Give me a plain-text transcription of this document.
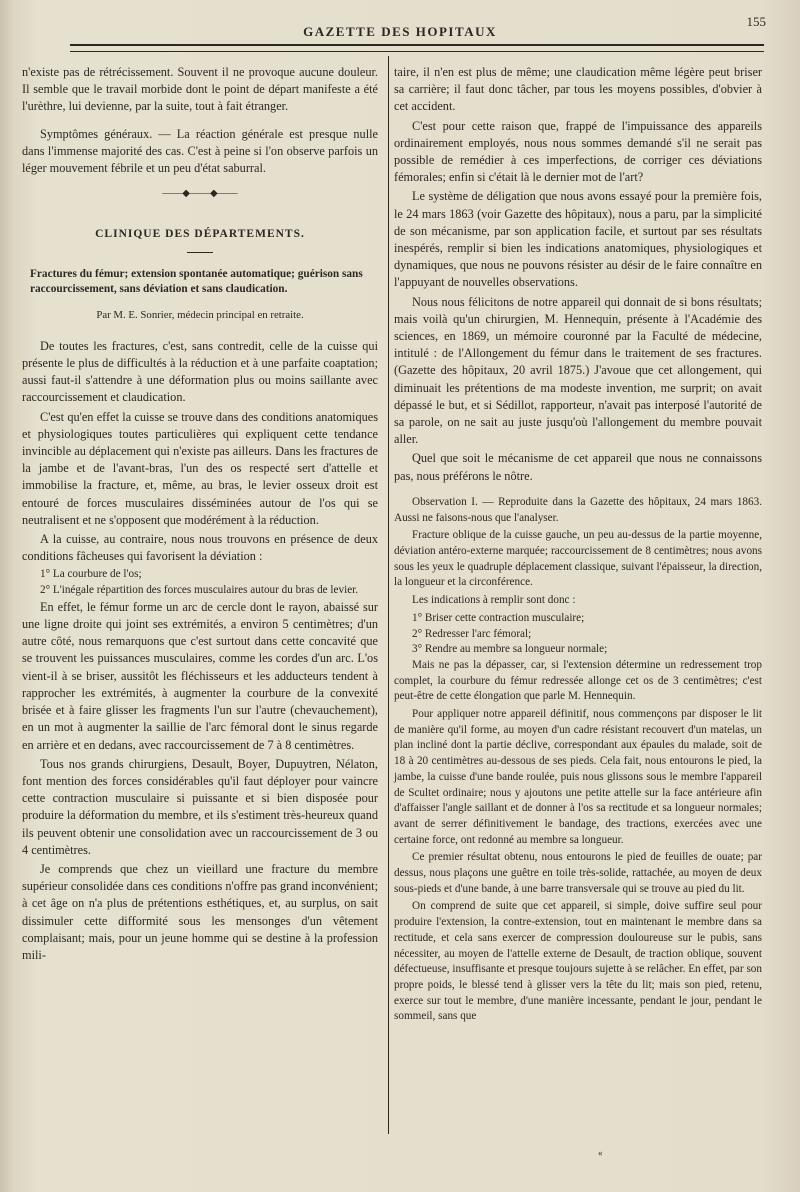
155
GAZETTE DES HOPITAUX

n'existe pas de rétrécissement. Souvent il ne provoque aucune douleur. Il semble que le travail morbide dont le point de départ manifeste a été l'urèthre, lui devienne, par la suite, tout à fait étranger.

Symptômes généraux. — La réaction générale est presque nulle dans l'immense majorité des cas. C'est à peine si l'on observe parfois un léger mouvement fébrile et un peu d'état saburral.

——◆——◆——
CLINIQUE DES DÉPARTEMENTS.
Fractures du fémur; extension spontanée automatique; guérison sans raccourcissement, sans déviation et sans claudication.
Par M. E. Sonrier, médecin principal en retraite.

De toutes les fractures, c'est, sans contredit, celle de la cuisse qui présente le plus de difficultés à la réduction et à une parfaite coaptation; aussi faut-il s'attendre à une déformation plus ou moins saillante avec raccourcissement et claudication.

C'est qu'en effet la cuisse se trouve dans des conditions anatomiques et physiologiques toutes particulières qui expliquent cette tendance invincible au déplacement qui n'existe pas ailleurs. Dans les fractures de la jambe et de l'avant-bras, l'un des os respecté sert d'attelle et immobilise la fracture, et, même, au bras, le levier osseux droit est entouré de forces musculaires disséminées autour de l'os qui se neutralisent et ne s'opposent que modérément à la réduction.

A la cuisse, au contraire, nous nous trouvons en présence de deux conditions fâcheuses qui favorisent la déviation :

1° La courbure de l'os;

2° L'inégale répartition des forces musculaires autour du bras de levier.

En effet, le fémur forme un arc de cercle dont le rayon, abaissé sur une ligne droite qui joint ses extrémités, a environ 5 centimètres; d'un autre côté, nous remarquons que c'est surtout dans cette concavité que se trouvent les puissances musculaires, comme les cordes d'un arc. L'os vient-il à se briser, aussitôt les fléchisseurs et les adducteurs tendent à rapprocher les extrémités, à augmenter la courbure de la convexité brisée et à faire glisser les fragments l'un sur l'autre (chevauchement), en un mot à augmenter la saillie de l'arc fémoral dont le sinus regarde en arrière et en dedans, avec raccourcissement de 7 à 8 centimètres.

Tous nos grands chirurgiens, Desault, Boyer, Dupuytren, Nélaton, font mention des forces considérables qu'il faut déployer pour vaincre cette contraction musculaire si puissante et si bien disposée pour produire la déformation du membre, et ils s'estiment très-heureux quand ils peuvent obtenir une consolidation avec un raccourcissement de 3 ou 4 centimètres.

Je comprends que chez un vieillard une fracture du membre supérieur consolidée dans ces conditions n'offre pas grand inconvénient; à cet âge on n'a plus de prétentions esthétiques, et, au surplus, on sait dissimuler cette difformité sous les mensonges d'un vêtement complaisant; mais, pour un jeune homme qui se destine à la profession mili-

taire, il n'en est plus de même; une claudication même légère peut briser sa carrière; il faut donc tâcher, par tous les moyens possibles, d'obvier à cet accident.

C'est pour cette raison que, frappé de l'impuissance des appareils ordinairement employés, nous nous sommes demandé s'il ne serait pas possible de remédier à ces imperfections, de corriger ces déviations fémorales; enfin si c'était là le dernier mot de l'art?

Le système de déligation que nous avons essayé pour la première fois, le 24 mars 1863 (voir Gazette des hôpitaux), nous a paru, par la simplicité de son mécanisme, par son application facile, et surtout par ses résultats inespérés, remplir si bien les indications anatomiques, physiologiques et dynamiques, que nous ne pouvons résister au désir de le faire connaître en l'appuyant de nouvelles observations.

Nous nous félicitons de notre appareil qui donnait de si bons résultats; mais voilà qu'un chirurgien, M. Hennequin, présente à l'Académie des sciences, en 1869, un mémoire couronné par la Faculté de médecine, intitulé : de l'Allongement du fémur dans le traitement de ses fractures. (Gazette des hôpitaux, 20 avril 1875.) J'avoue que cet allongement, qui diminuait les prétentions de ma modeste invention, me surprit; on avait dépassé le but, et si Sédillot, rapporteur, n'avait pas interposé l'autorité de sa parole, on ne sait au juste jusqu'où l'allongement du membre pouvait aller.

Quel que soit le mécanisme de cet appareil que nous ne connaissons pas, nous préférons le nôtre.

Observation I. — Reproduite dans la Gazette des hôpitaux, 24 mars 1863. Aussi ne faisons-nous que l'analyser.

Fracture oblique de la cuisse gauche, un peu au-dessus de la partie moyenne, déviation antéro-externe marquée; raccourcissement de 8 centimètres; nous avons sous les yeux le quadruple déplacement classique, suivant l'épaisseur, la direction, la longueur et la circonférence.

Les indications à remplir sont donc :

1° Briser cette contraction musculaire;

2° Redresser l'arc fémoral;

3° Rendre au membre sa longueur normale;

Mais ne pas la dépasser, car, si l'extension détermine un redressement trop complet, la courbure du fémur redressée allonge cet os de 3 centimètres; c'est peut-être de cette élongation que parle M. Hennequin.

Pour appliquer notre appareil définitif, nous commençons par disposer le lit de manière qu'il forme, au moyen d'un cadre résistant recouvert d'un matelas, un plan incliné dont la partie déclive, correspondant aux épaules du malade, soit de 18 à 20 centimètres au-dessous de ses pieds. Cela fait, nous entourons le pied, la jambe, la cuisse d'une bande roulée, puis nous glissons sous le membre l'appareil de Scultet ordinaire; nous y ajoutons une petite attelle sur la face antérieure afin d'affaisser l'angle saillant et de donner à l'os sa rectitude et sa longueur normales; avant de serrer définitivement le bandage, des tractions, exercées avec une certaine force, ont redonné au membre sa longueur.

Ce premier résultat obtenu, nous entourons le pied de feuilles de ouate; par dessus, nous plaçons une guêtre en toile très-solide, rattachée, au moyen de deux sous-pieds et d'une bande, à une barre transversale qui se trouve au pied du lit.

On comprend de suite que cet appareil, si simple, doive suffire seul pour produire l'extension, la contre-extension, tout en maintenant le membre dans sa rectitude, et cela sans exercer de compression douloureuse sur le pubis, sans nécessiter, au moyen de l'attelle externe de Desault, de traction oblique, souvent défectueuse, insuffisante et presque toujours sujette à se relâcher. En effet, par son propre poids, le blessé tend à glisser vers la tête du lit; mais son pied, retenu, exerce sur tout le membre, d'une manière incessante, pendant le jour, pendant le sommeil, sans que

«
